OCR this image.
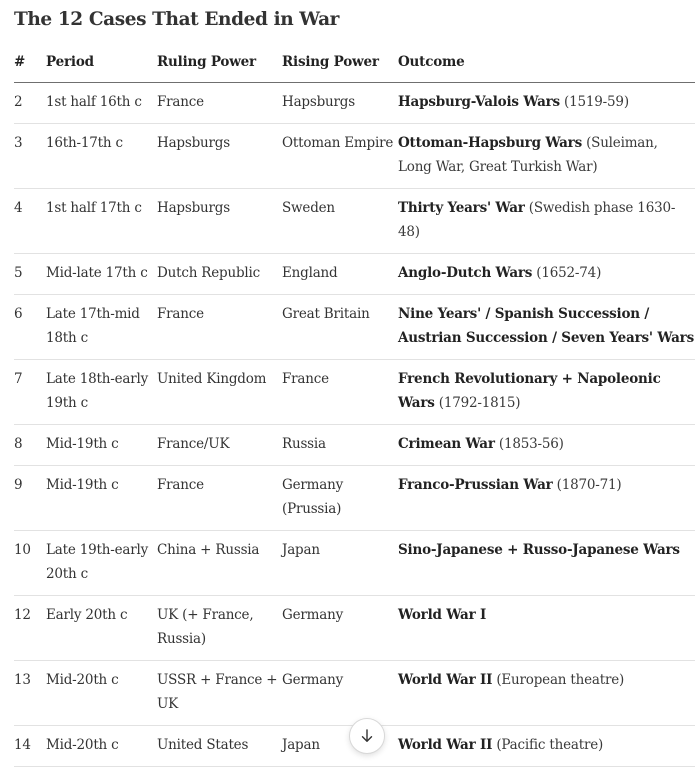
The 12 Cases That Ended in War
#	Period	Ruling Power	Rising Power	Outcome
2	1st half 16th c	France	Hapsburgs	Hapsburg-Valois Wars (1519-59)
3	16th-17th c	Hapsburgs	Ottoman Empire	Ottoman-Hapsburg Wars (Suleiman, Long War, Great Turkish War)
4	1st half 17th c	Hapsburgs	Sweden	Thirty Years' War (Swedish phase 1630-48)
5	Mid-late 17th c	Dutch Republic	England	Anglo-Dutch Wars (1652-74)
6	Late 17th-mid 18th c	France	Great Britain	Nine Years' / Spanish Succession / Austrian Succession / Seven Years' Wars
7	Late 18th-early 19th c	United Kingdom	France	French Revolutionary + Napoleonic Wars (1792-1815)
8	Mid-19th c	France/UK	Russia	Crimean War (1853-56)
9	Mid-19th c	France	Germany (Prussia)	Franco-Prussian War (1870-71)
10	Late 19th-early 20th c	China + Russia	Japan	Sino-Japanese + Russo-Japanese Wars
12	Early 20th c	UK (+ France, Russia)	Germany	World War I
13	Mid-20th c	USSR + France + UK	Germany	World War II (European theatre)
14	Mid-20th c	United States	Japan	World War II (Pacific theatre)
